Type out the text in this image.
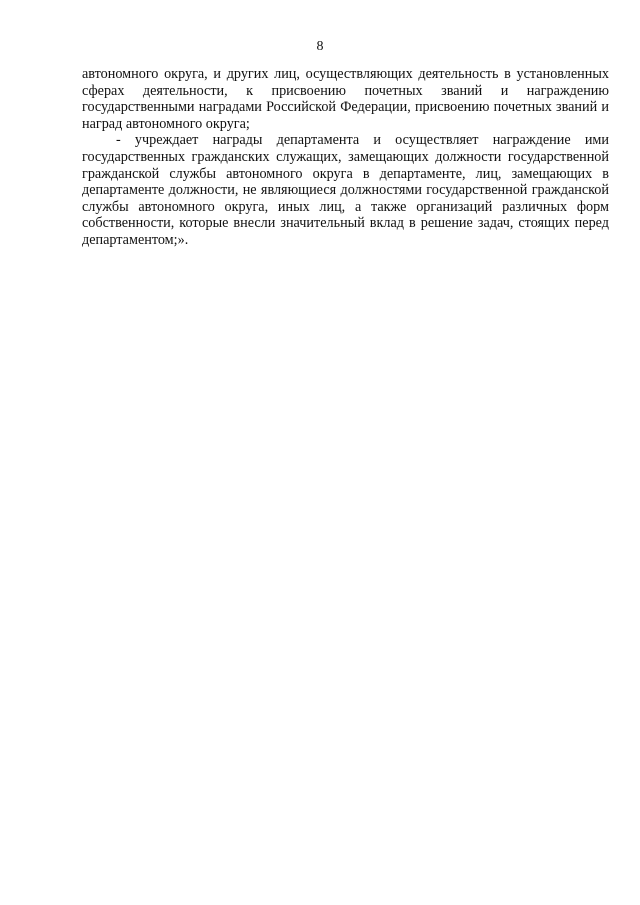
8

автономного округа, и других лиц, осуществляющих деятельность в установленных сферах деятельности, к присвоению почетных званий и награждению государственными наградами Российской Федерации, присвоению почетных званий и наград автономного округа;

- учреждает награды департамента и осуществляет награждение ими государственных гражданских служащих, замещающих должности государственной гражданской службы автономного округа в департаменте, лиц, замещающих в департаменте должности, не являющиеся должностями государственной гражданской службы автономного округа, иных лиц, а также организаций различных форм собственности, которые внесли значительный вклад в решение задач, стоящих перед департаментом;».
